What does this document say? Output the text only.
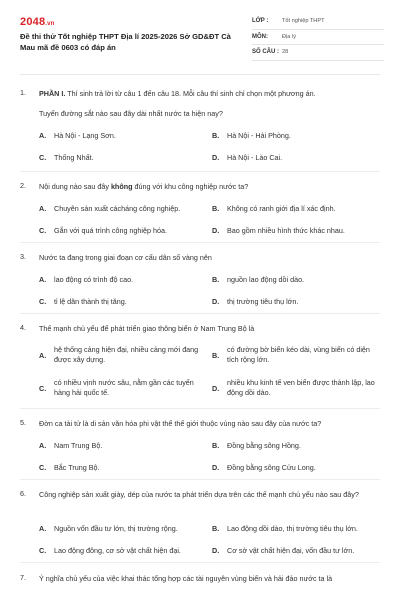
2048.vn
Đề thi thử Tốt nghiệp THPT Địa lí 2025-2026 Sở GD&ĐT Cà Mau mã đề 0603 có đáp án
LỚP :	Tốt nghiệp THPT
MÔN:	Địa lý
SỐ CÂU : 28
1. PHẦN I. Thí sinh trả lời từ câu 1 đến câu 18. Mỗi câu thí sinh chỉ chọn một phương án.
Tuyến đường sắt nào sau đây dài nhất nước ta hiện nay?
A. Hà Nội - Lạng Sơn.	B. Hà Nội - Hải Phòng.
C. Thống Nhất.	D. Hà Nội - Lào Cai.
2. Nội dung nào sau đây không đúng với khu công nghiệp nước ta?
A. Chuyên sản xuất cácháng công nghiệp.	B. Không có ranh giới địa lí xác định.
C. Gắn với quá trình công nghiệp hóa.	D. Bao gồm nhiều hình thức khác nhau.
3. Nước ta đang trong giai đoạn cơ cấu dân số vàng nên
A. lao động có trình độ cao.	B. nguồn lao động dồi dào.
C. tỉ lệ dân thành thị tăng.	D. thị trường tiêu thụ lớn.
4. Thế mạnh chủ yếu để phát triển giao thông biển ở Nam Trung Bộ là
A.
hệ thống cảng hiện đại, nhiều cảng mới đang được xây dựng.	B.
có đường bờ biển kéo dài, vùng biển có diện tích rộng lớn.
C.
có nhiều vịnh nước sâu, nằm gần các tuyến hàng hải quốc tế.	D.
nhiều khu kinh tế ven biển được thành lập, lao động dồi dào.
5. Đờn ca tài tử là di sản văn hóa phi vật thể thế giới thuộc vùng nào sau đây của nước ta?
A. Nam Trung Bộ.	B. Đồng bằng sông Hồng.
C. Bắc Trung Bộ.	D. Đồng bằng sông Cửu Long.
6. Công nghiệp sản xuất giày, dép của nước ta phát triển dựa trên các thế mạnh chủ yếu nào sau đây?
A. Nguồn vốn đầu tư lớn, thị trường rộng.	B. Lao động dồi dào, thị trường tiêu thụ lớn.
C. Lao động đông, cơ sở vật chất hiện đại.	D. Cơ sở vật chất hiện đại, vốn đầu tư lớn.
7. Ý nghĩa chủ yếu của việc khai thác tổng hợp các tài nguyên vùng biển và hải đảo nước ta là
